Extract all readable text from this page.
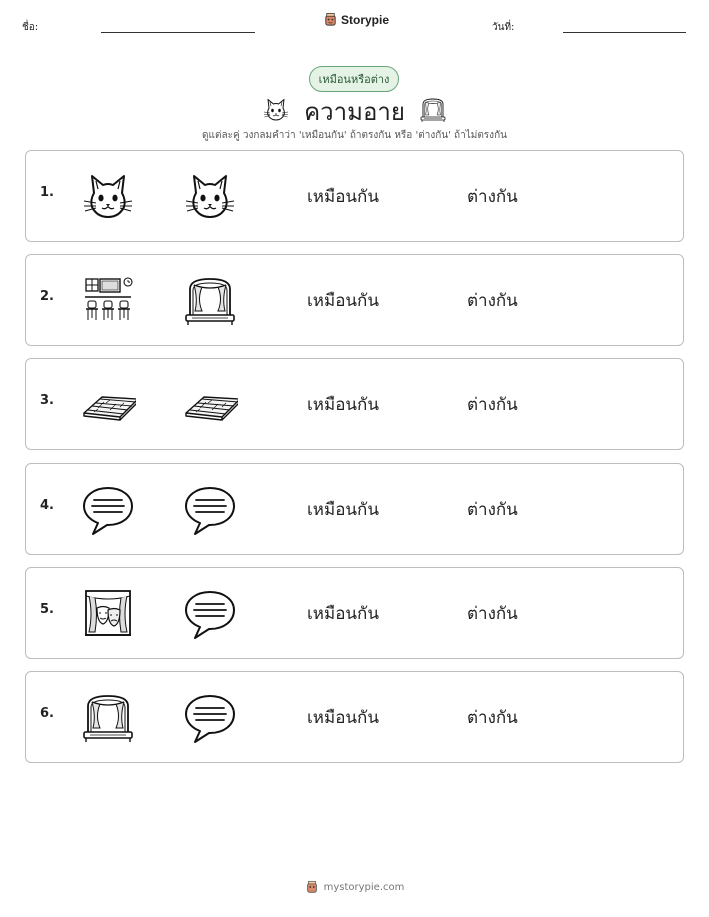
ชื่อ:
Storypie
วันที่:
เหมือนหรือต่าง
ความอาย
ดูแต่ละคู่ วงกลมคำว่า 'เหมือนกัน' ถ้าตรงกัน หรือ 'ต่างกัน' ถ้าไม่ตรงกัน
1.	เหมือนกัน	ต่างกัน
2.	เหมือนกัน	ต่างกัน
3.	เหมือนกัน	ต่างกัน
4.	เหมือนกัน	ต่างกัน
5.	เหมือนกัน	ต่างกัน
6.	เหมือนกัน	ต่างกัน
mystorypie.com
